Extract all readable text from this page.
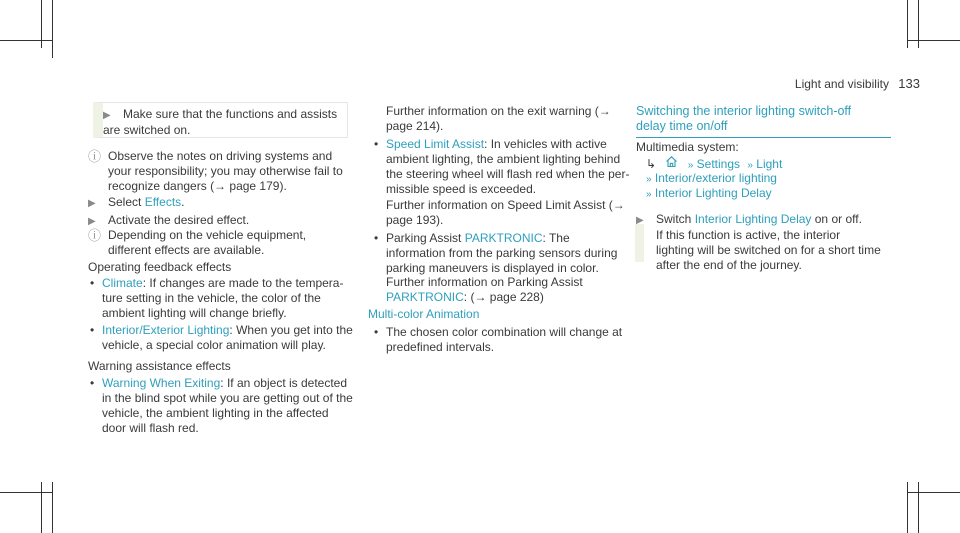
Light and visibility 133
▶ Make sure that the functions and assists are switched on.
ⓘ Observe the notes on driving systems and your responsibility; you may otherwise fail to recognize dangers (→ page 179).
▶ Select Effects.
▶ Activate the desired effect.
ⓘ Depending on the vehicle equipment, different effects are available.
Operating feedback effects
• Climate: If changes are made to the temperature setting in the vehicle, the color of the ambient lighting will change briefly.
• Interior/Exterior Lighting: When you get into the vehicle, a special color animation will play.
Warning assistance effects
• Warning When Exiting: If an object is detected in the blind spot while you are getting out of the vehicle, the ambient lighting in the affected door will flash red.
Further information on the exit warning (→ page 214).
• Speed Limit Assist: In vehicles with active ambient lighting, the ambient lighting behind the steering wheel will flash red when the permissible speed is exceeded.
Further information on Speed Limit Assist (→ page 193).
• Parking Assist PARKTRONIC: The information from the parking sensors during parking maneuvers is displayed in color.
Further information on Parking Assist
PARKTRONIC: (→ page 228)
Multi-color Animation
• The chosen color combination will change at predefined intervals.
Switching the interior lighting switch-off delay time on/off
Multimedia system:
↳	» Settings » Light
» Interior/exterior lighting
» Interior Lighting Delay
▶ Switch Interior Lighting Delay on or off.
If this function is active, the interior lighting will be switched on for a short time after the end of the journey.
